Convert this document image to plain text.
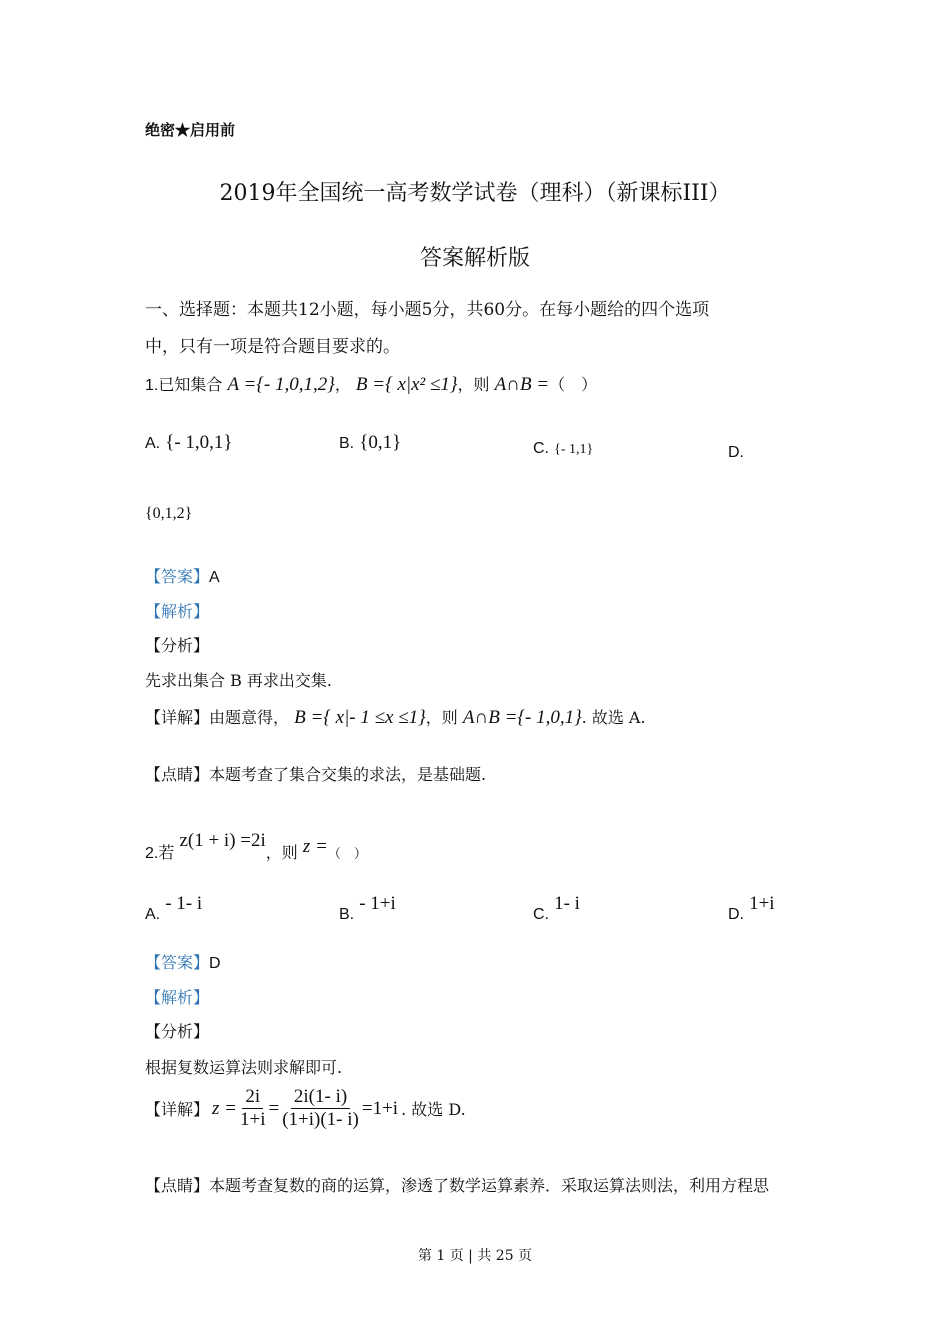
绝密★启用前
2019年全国统一高考数学试卷（理科）（新课标III）
答案解析版
一、选择题：本题共12小题，每小题5分，共60分。在每小题给的四个选项
中，只有一项是符合题目要求的。
1.已知集合 A ={- 1,0,1,2}， B ={ x|x² ≤1}，则 A∩B =（　）
A. {- 1,0,1}	B. {0,1}	C. {- 1,1}	D.
{0,1,2}
【答案】A
【解析】
【分析】
先求出集合 B 再求出交集.
【详解】由题意得， B ={ x|- 1 ≤x ≤1}，则 A∩B ={- 1,0,1}. 故选 A.
【点睛】本题考查了集合交集的求法，是基础题.
2.若 z(1 + i) =2i，则 z =（　）
A. - 1- i
B. - 1+i
C. 1- i
D. 1+i
【答案】D
【解析】
【分析】
根据复数运算法则求解即可.
【详解】 $z = \frac{2i}{1+i} = \frac{2i(1- i)}{(1+i)(1- i)} =1+i$ . 故选 D.
【点睛】本题考查复数的商的运算，渗透了数学运算素养．采取运算法则法，利用方程思
第 1 页 | 共 25 页
